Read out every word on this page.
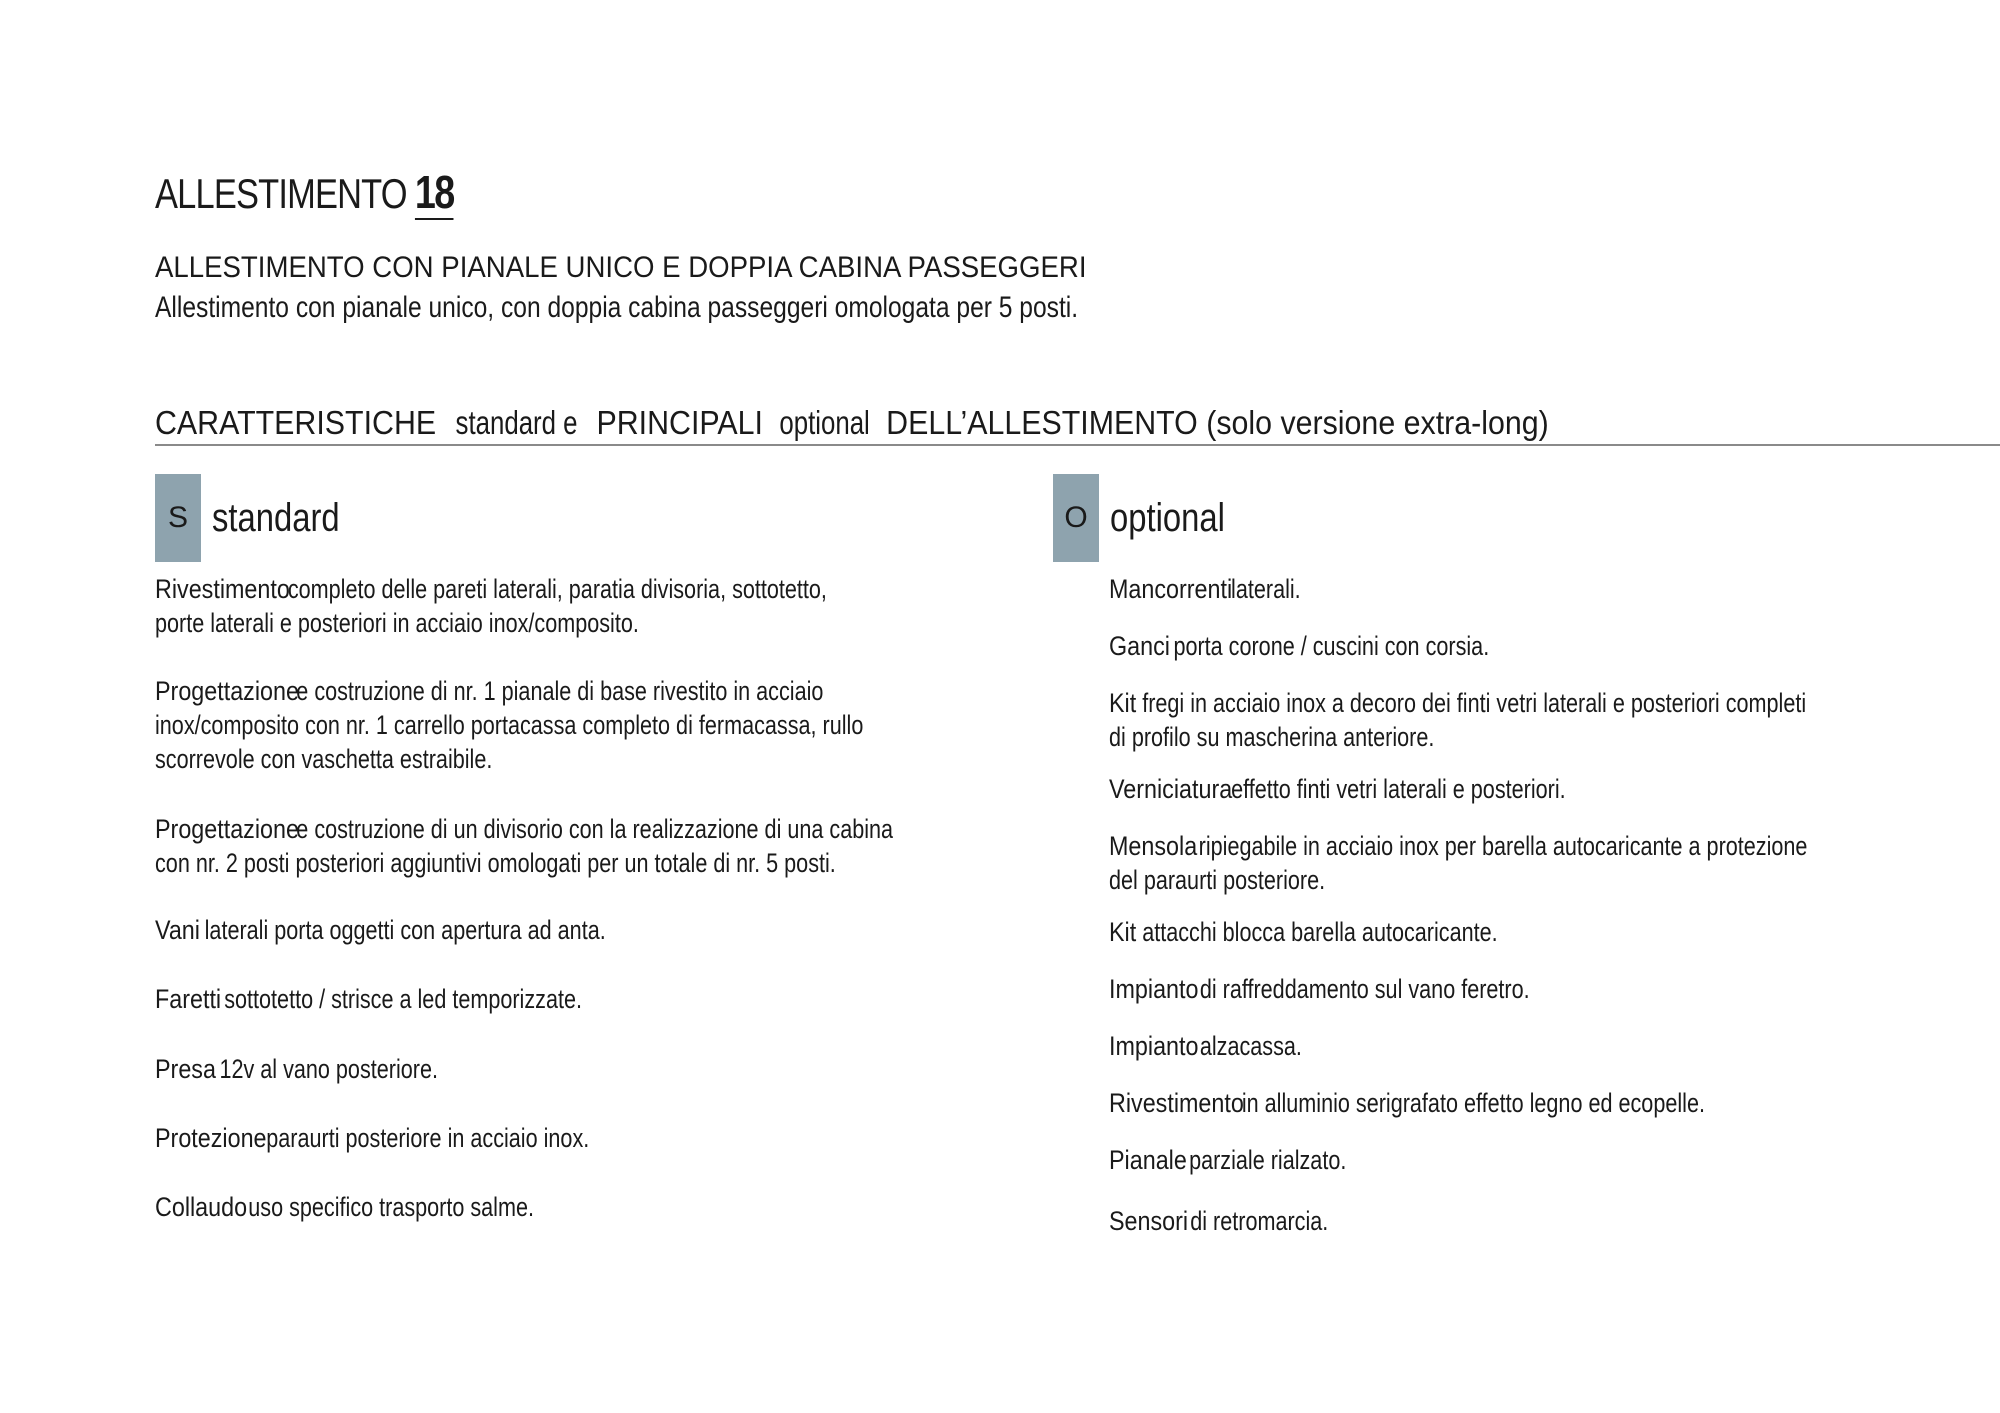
ALLESTIMENTO 18
ALLESTIMENTO CON PIANALE UNICO E DOPPIA CABINA PASSEGGERI
Allestimento con pianale unico, con doppia cabina passeggeri omologata per 5 posti.
CARATTERISTICHE standard e PRINCIPALI optional DELL’ALLESTIMENTO (solo versione extra-long)
S standard	O optional
Rivestimentocompleto delle pareti laterali, paratia divisoria, sottotetto,
porte laterali e posteriori in acciaio inox/composito.
Progettazionee costruzione di nr. 1 pianale di base rivestito in acciaio
inox/composito con nr. 1 carrello portacassa completo di fermacassa, rullo
scorrevole con vaschetta estraibile.
Progettazionee costruzione di un divisorio con la realizzazione di una cabina
con nr. 2 posti posteriori aggiuntivi omologati per un totale di nr. 5 posti.
Vani laterali porta oggetti con apertura ad anta.
Faretti sottotetto / strisce a led temporizzate.
Presa 12v al vano posteriore.
Protezioneparaurti posteriore in acciaio inox.
Collaudouso specifico trasporto salme.
Mancorrentilaterali.
Ganci porta corone / cuscini con corsia.
Kit fregi in acciaio inox a decoro dei finti vetri laterali e posteriori completi
di profilo su mascherina anteriore.
Verniciaturaeffetto finti vetri laterali e posteriori.
Mensolaripiegabile in acciaio inox per barella autocaricante a protezione
del paraurti posteriore.
Kit attacchi blocca barella autocaricante.
Impiantodi raffreddamento sul vano feretro.
Impiantoalzacassa.
Rivestimentoin alluminio serigrafato effetto legno ed ecopelle.
Pianaleparziale rialzato.
Sensoridi retromarcia.
